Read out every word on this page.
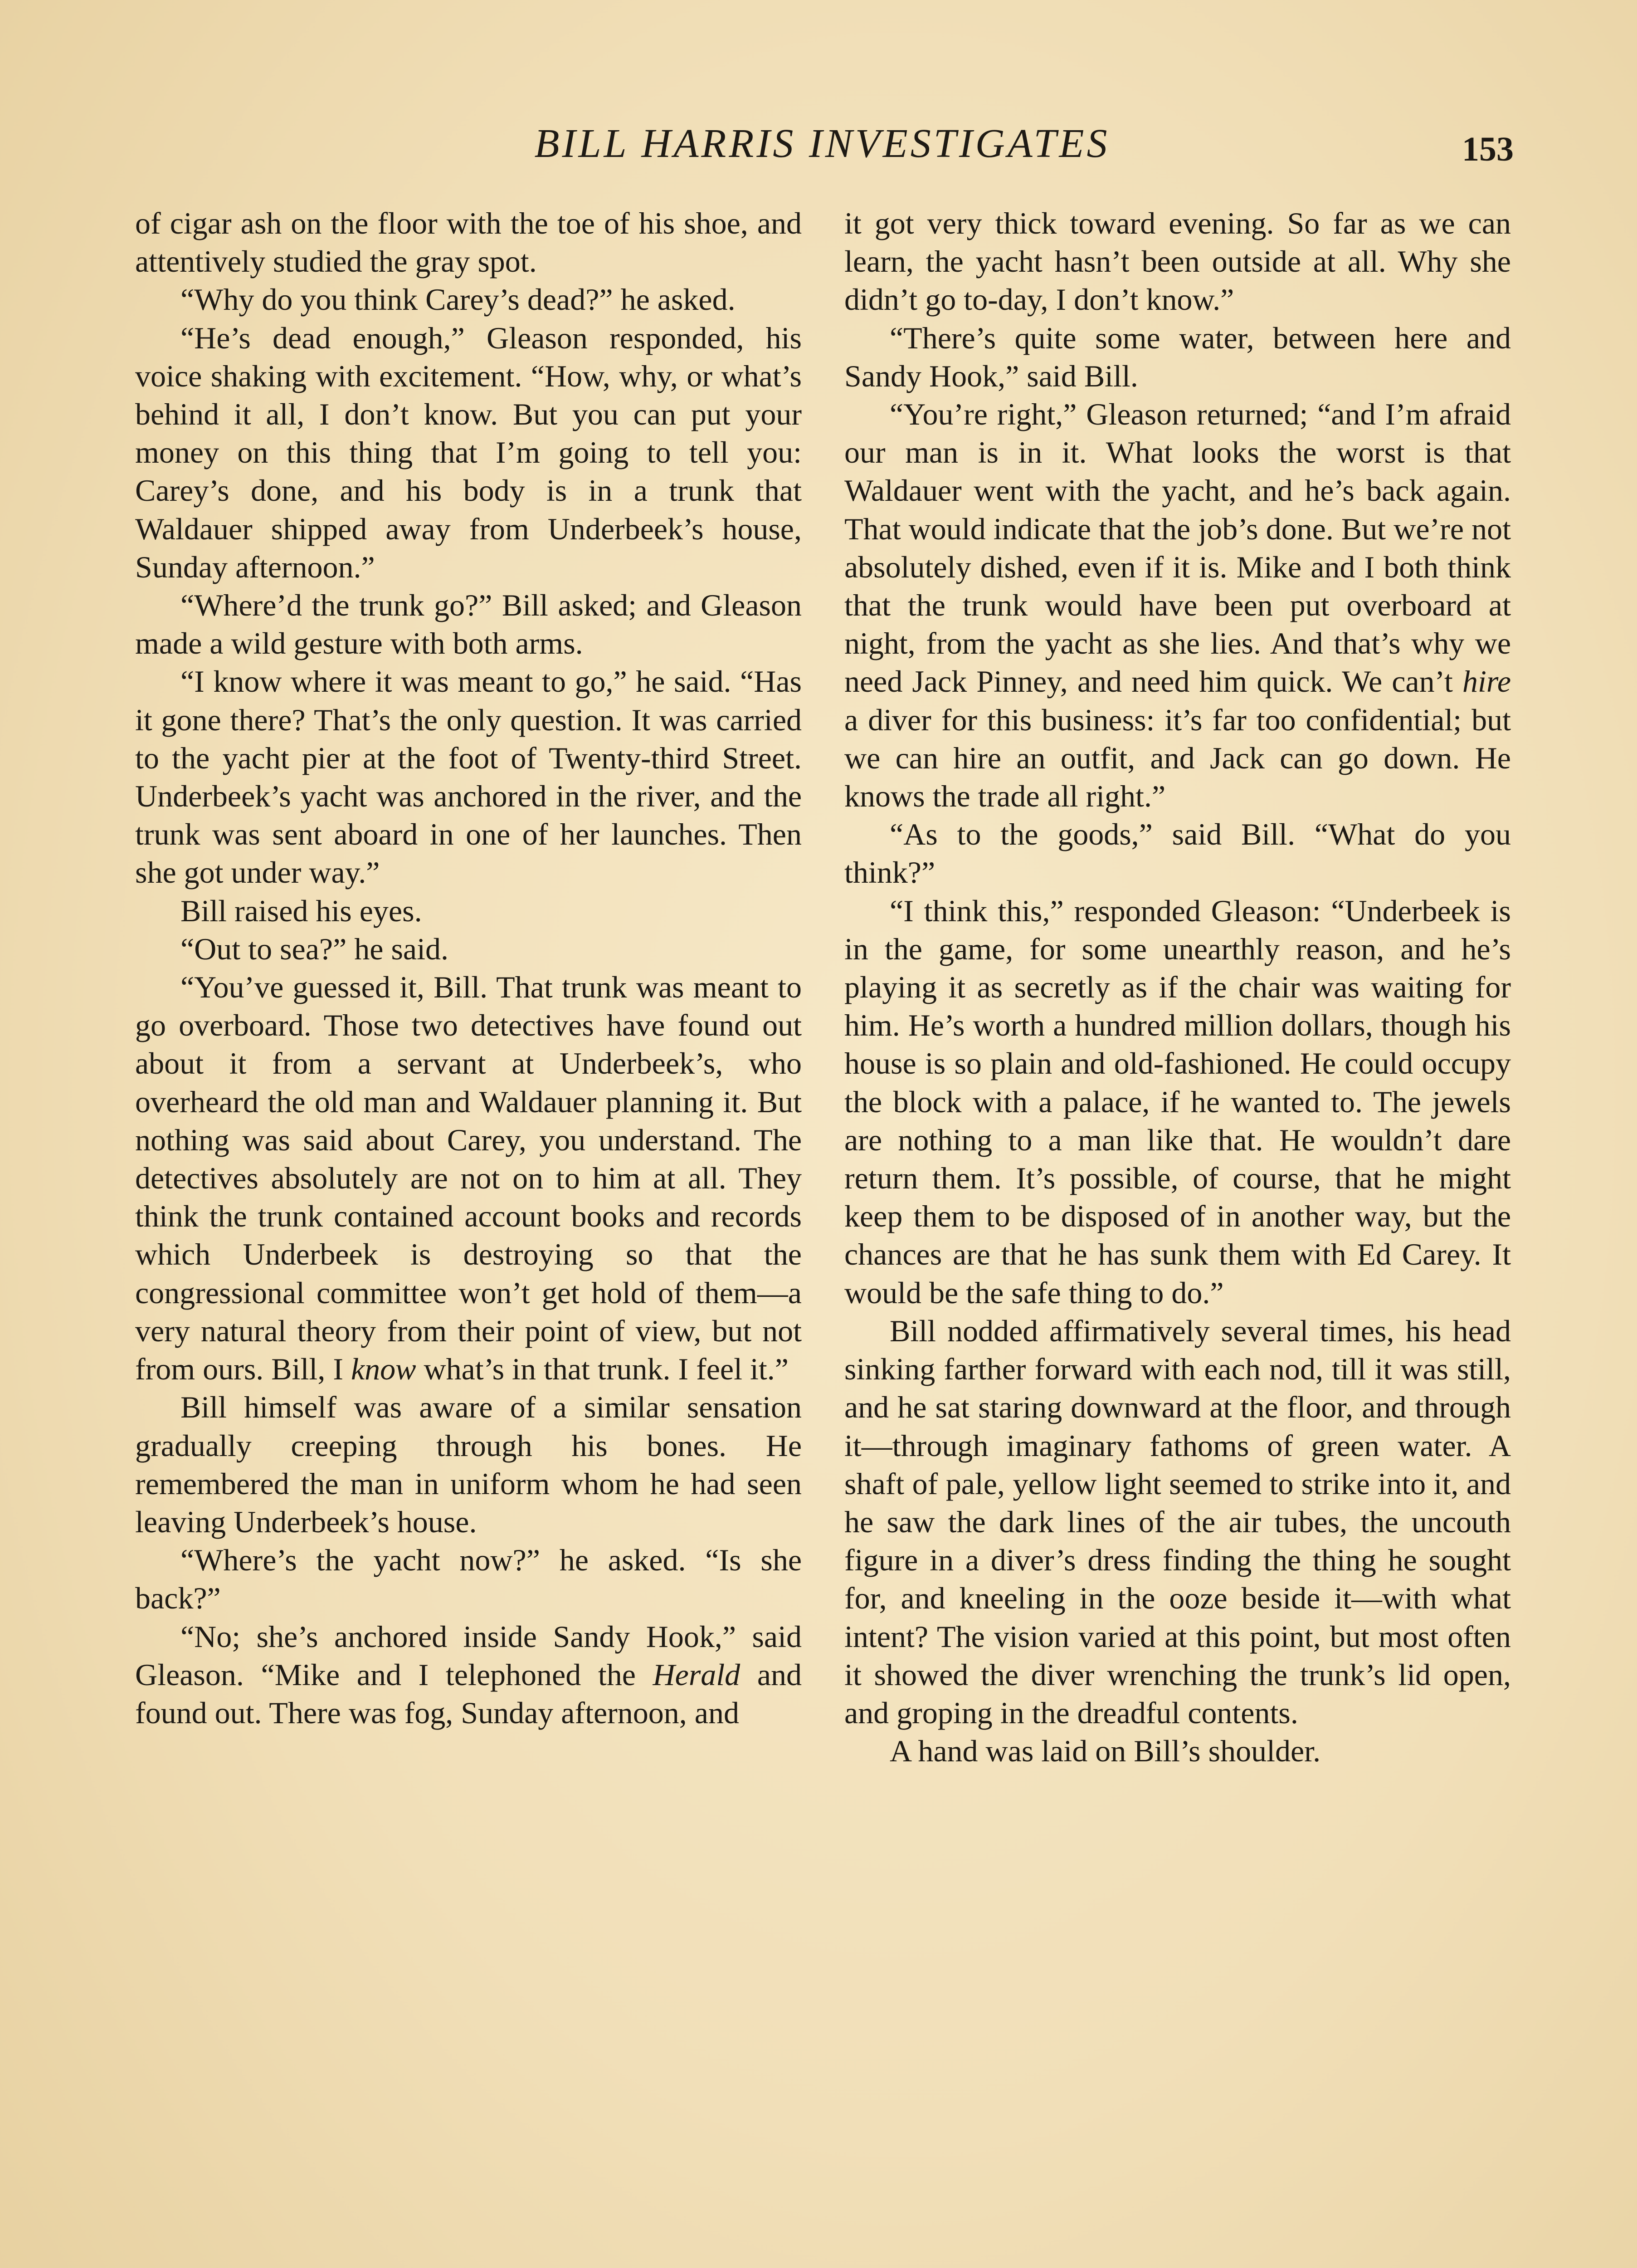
BILL HARRIS INVESTIGATES	153

of cigar ash on the floor with the toe of his shoe, and attentively studied the gray spot.

“Why do you think Carey’s dead?” he asked.

“He’s dead enough,” Gleason responded, his voice shaking with excitement. “How, why, or what’s behind it all, I don’t know. But you can put your money on this thing that I’m going to tell you: Carey’s done, and his body is in a trunk that Waldauer shipped away from Underbeek’s house, Sunday afternoon.”

“Where’d the trunk go?” Bill asked; and Gleason made a wild gesture with both arms.

“I know where it was meant to go,” he said. “Has it gone there? That’s the only question. It was carried to the yacht pier at the foot of Twenty-third Street. Underbeek’s yacht was anchored in the river, and the trunk was sent aboard in one of her launches. Then she got under way.”

Bill raised his eyes.

“Out to sea?” he said.

“You’ve guessed it, Bill. That trunk was meant to go overboard. Those two detectives have found out about it from a servant at Underbeek’s, who overheard the old man and Waldauer planning it. But nothing was said about Carey, you understand. The detectives absolutely are not on to him at all. They think the trunk contained account books and records which Underbeek is destroying so that the congressional committee won’t get hold of them—a very natural theory from their point of view, but not from ours. Bill, I know what’s in that trunk. I feel it.”

Bill himself was aware of a similar sensation gradually creeping through his bones. He remembered the man in uniform whom he had seen leaving Underbeek’s house.

“Where’s the yacht now?” he asked. “Is she back?”

“No; she’s anchored inside Sandy Hook,” said Gleason. “Mike and I telephoned the Herald and found out. There was fog, Sunday afternoon, and

it got very thick toward evening. So far as we can learn, the yacht hasn’t been outside at all. Why she didn’t go to-day, I don’t know.”

“There’s quite some water, between here and Sandy Hook,” said Bill.

“You’re right,” Gleason returned; “and I’m afraid our man is in it. What looks the worst is that Waldauer went with the yacht, and he’s back again. That would indicate that the job’s done. But we’re not absolutely dished, even if it is. Mike and I both think that the trunk would have been put overboard at night, from the yacht as she lies. And that’s why we need Jack Pinney, and need him quick. We can’t hire a diver for this business: it’s far too confidential; but we can hire an outfit, and Jack can go down. He knows the trade all right.”

“As to the goods,” said Bill. “What do you think?”

“I think this,” responded Gleason: “Underbeek is in the game, for some unearthly reason, and he’s playing it as secretly as if the chair was waiting for him. He’s worth a hundred million dollars, though his house is so plain and old-fashioned. He could occupy the block with a palace, if he wanted to. The jewels are nothing to a man like that. He wouldn’t dare return them. It’s possible, of course, that he might keep them to be disposed of in another way, but the chances are that he has sunk them with Ed Carey. It would be the safe thing to do.”

Bill nodded affirmatively several times, his head sinking farther forward with each nod, till it was still, and he sat staring downward at the floor, and through it—through imaginary fathoms of green water. A shaft of pale, yellow light seemed to strike into it, and he saw the dark lines of the air tubes, the uncouth figure in a diver’s dress finding the thing he sought for, and kneeling in the ooze beside it—with what intent? The vision varied at this point, but most often it showed the diver wrenching the trunk’s lid open, and groping in the dreadful contents.

A hand was laid on Bill’s shoulder.
